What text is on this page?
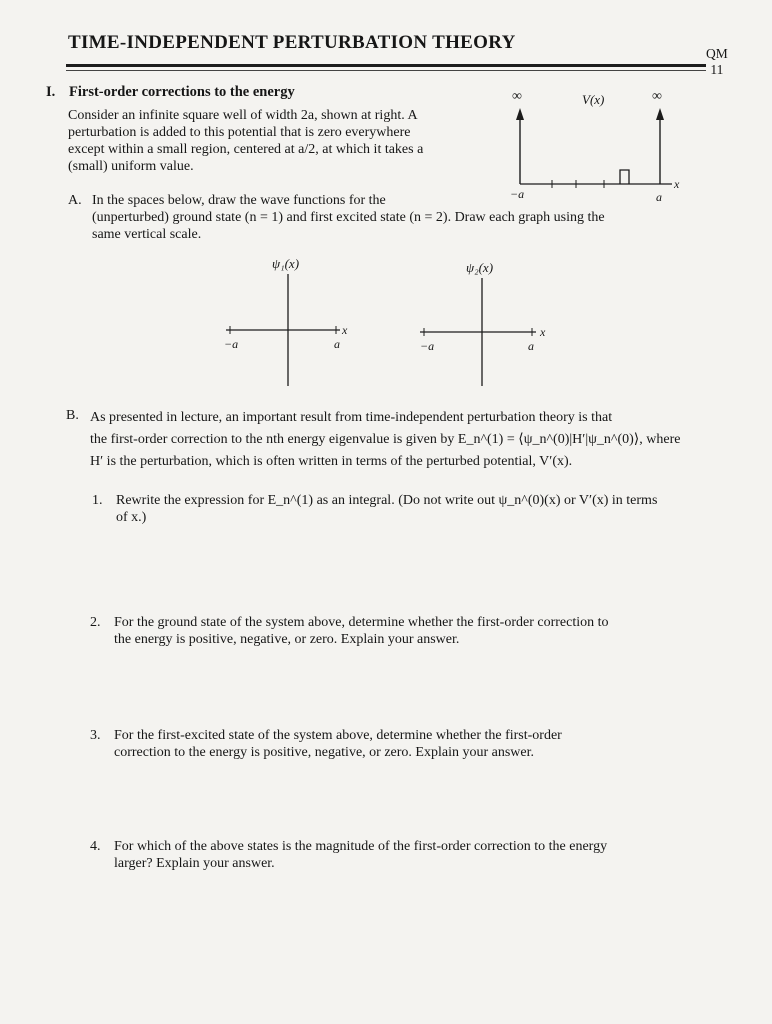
TIME-INDEPENDENT PERTURBATION THEORY
QM
11
I. First-order corrections to the energy
Consider an infinite square well of width 2a, shown at right. A
perturbation is added to this potential that is zero everywhere
except within a small region, centered at a/2, at which it takes a
(small) uniform value.
∞	∞
V(x)
x
−a	a
A. In the spaces below, draw the wave functions for the
(unperturbed) ground state (n = 1) and first excited state (n = 2). Draw each graph using the
same vertical scale.
ψ₁(x)
x
−a	a
ψ₂(x)
x
−a	a
B. As presented in lecture, an important result from time-independent perturbation theory is that
the first-order correction to the nth energy eigenvalue is given by E_n^(1) = ⟨ψ_n^(0)|H′|ψ_n^(0)⟩, where
H′ is the perturbation, which is often written in terms of the perturbed potential, V′(x).
1. Rewrite the expression for E_n^(1) as an integral. (Do not write out ψ_n^(0)(x) or V′(x) in terms
of x.)
2. For the ground state of the system above, determine whether the first-order correction to
the energy is positive, negative, or zero. Explain your answer.
3. For the first-excited state of the system above, determine whether the first-order
correction to the energy is positive, negative, or zero. Explain your answer.
4. For which of the above states is the magnitude of the first-order correction to the energy
larger? Explain your answer.
